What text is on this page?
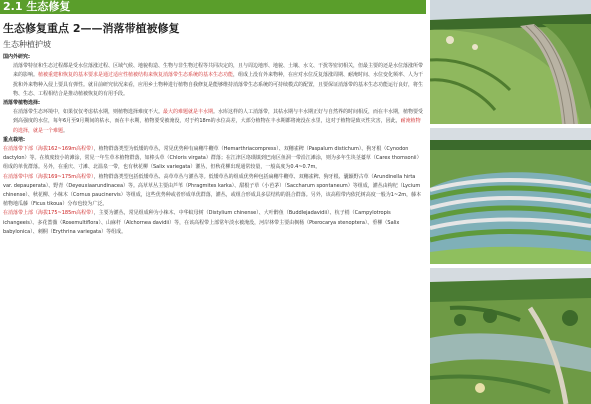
2.1 生态修复
生态修复重点 2——消落带植被修复
生态种植护坡

国内外研究:

消落带特征和生态过程都是受水位落涨过程、区域气候、地貌构造、生物与非生物过程等共同决定的，且与周边地形、地貌、土壤、水文、干扰等密切相关，但最主要的还是水位落涨所带来的影响。植被重建和恢复的基本要求是通过适应性植被结构来恢复消落带生态系统的基本生态功能，组成上没有外来物种，在应对水位反复落涨周期、耐淹时间、水位变化频率、人为干扰和外来物种入侵上要具有弹性。就目前研究状况来看，应用乡土物种进行植物自我修复是能够维持消落带生态系统的可持续模式的配置，且要保证消落带的基本生态功能运行良好，将生物、生态、工程相结合是推动植被恢复的有用手段。

消落带植物选择:

在消落带生态环境中，如果仅仅考虑枯水期，则植物选择难度不大。最大的难题就是丰水期。水库这样的人工消落带，其枯水期与丰水期正好与自然界的时间相反，而在丰水期，植物要受到高强度的水位，每年6月至9月期间的枯水，而在丰水期，植物要受被淹没，对于约18m的水位高差，大部分植物在丰水期都将淹没在水里，这对于植物是致灭性灾害，因此，耐淹植物的选择，就是一个难题。

重点栽培:

在消落带下部（海拔162~169m高程带），植物群落类型为低矮的草丛，常见优势种有扁穗牛鞭草（Hemarthriacompress）、双穗雀稗（Paspalum distichum）、狗牙根（Cynodon dactylon）等。在坡度较小的滩涂，常见一年生草本植物群落，如棒头草（Chloris virgata）群落；在江津区珞璜镇到巴南区鱼洞一带沿江滩涂，则为多年生块茎薹草（Carex thomsonii）组成的单优群落。另外，在重庆、寸滩、北温泉一带，也有秋花柳（Salix variegata）灌丛，但秋花柳出现通常较量，一般高度为0.4~0.7m。

在消落带中部（海拔169~175m高程带），植物群落类型包括低矮草丛、高草草丛与灌丛等。低矮草丛的组成优势种包括扁穗牛鞭草、双穗雀稗、狗牙根、囊颖野古草（Arundinella hirta var. depauperata）、野青（Deyeuxiaarundinacea）等。高草草丛主要由芦苇（Phragmites karka）、甜根子草（小芭茅）（Saccharum spontaneum）等组成，灌丛由枸杞（Lycium chinense）、秋花柳、小梾木（Cornus paucinervis）等组成，这些优势种或者形成单优群落，灌丛，或组合形成具多层结构的混合群落。另外，该高程带内依托树高度一般为1~2m，藤本植物地瓜藤（Ficus tikoua）分布也较为广泛。

在消落带上部（海拔175~185m高程带），主要为灌丛，常见组成种为小梾木、中华蚊母树（Distylium chinense）、大叶醉鱼（Buddlejadavidii）、杭子梢（Campylotropis ichangeeis）、多花蔷薇（Rosemultiflora）、山麻杆（Alchornea davidii）等，在该高程带上部常年淡水被淹没，河岸林带主要由枫杨（Pterocarya stenoptera）、垂柳（Salix babylonica）、刺桐（Erythrina variegata）等组成。
